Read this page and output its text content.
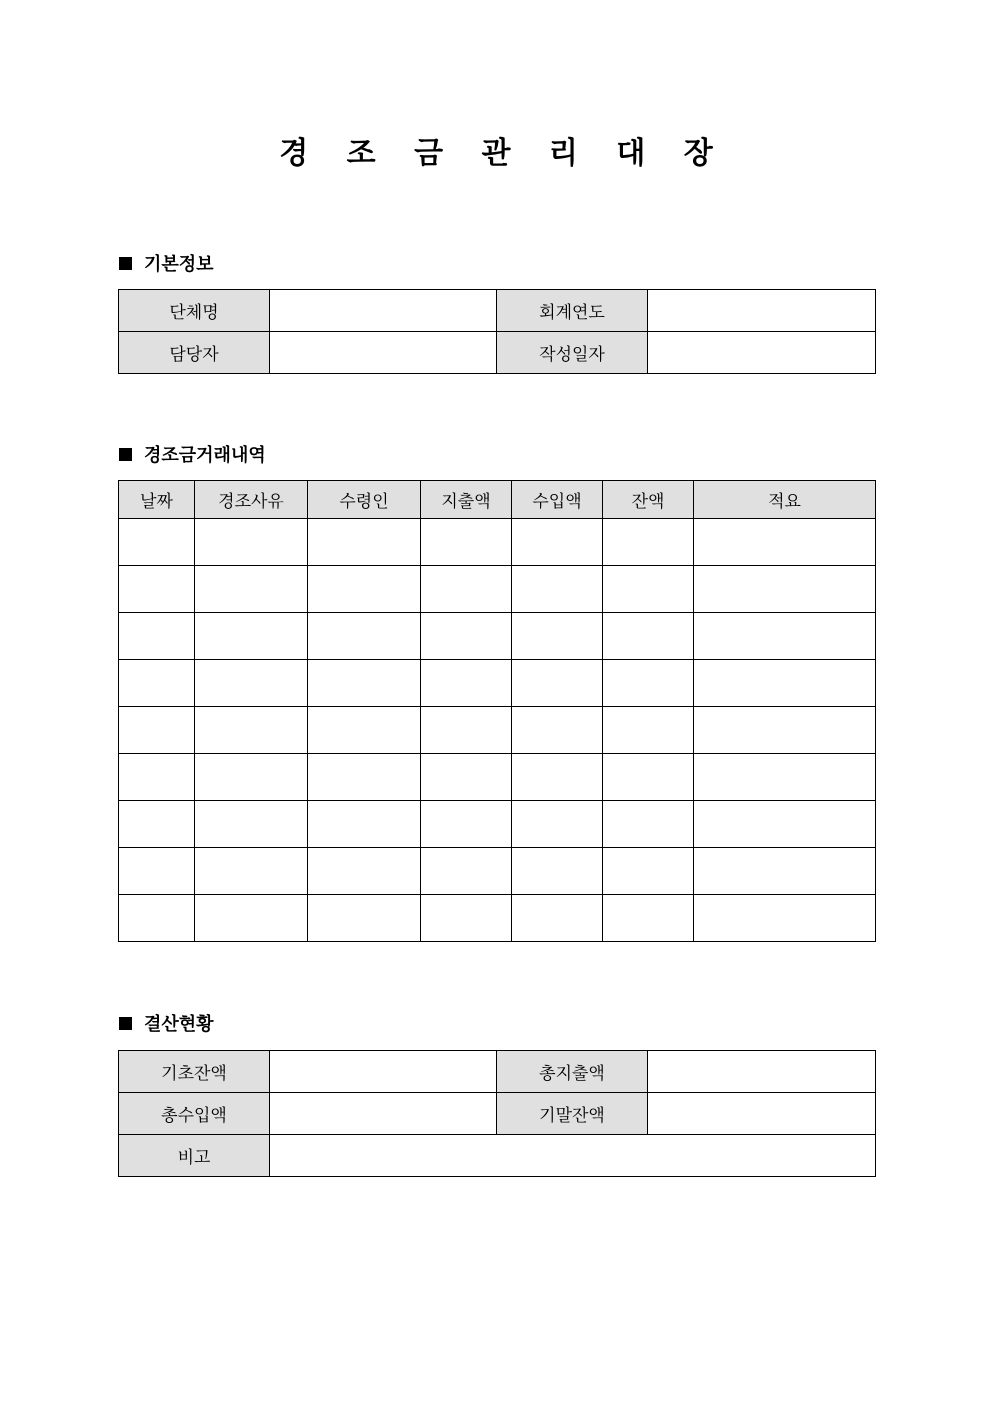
경 조 금 관 리 대 장
기본정보
단체명		회계연도	
담당자		작성일자	
경조금거래내역
날짜	경조사유	수령인	지출액	수입액	잔액	적요

결산현황
기초잔액		총지출액	
총수입액		기말잔액	
비고			
